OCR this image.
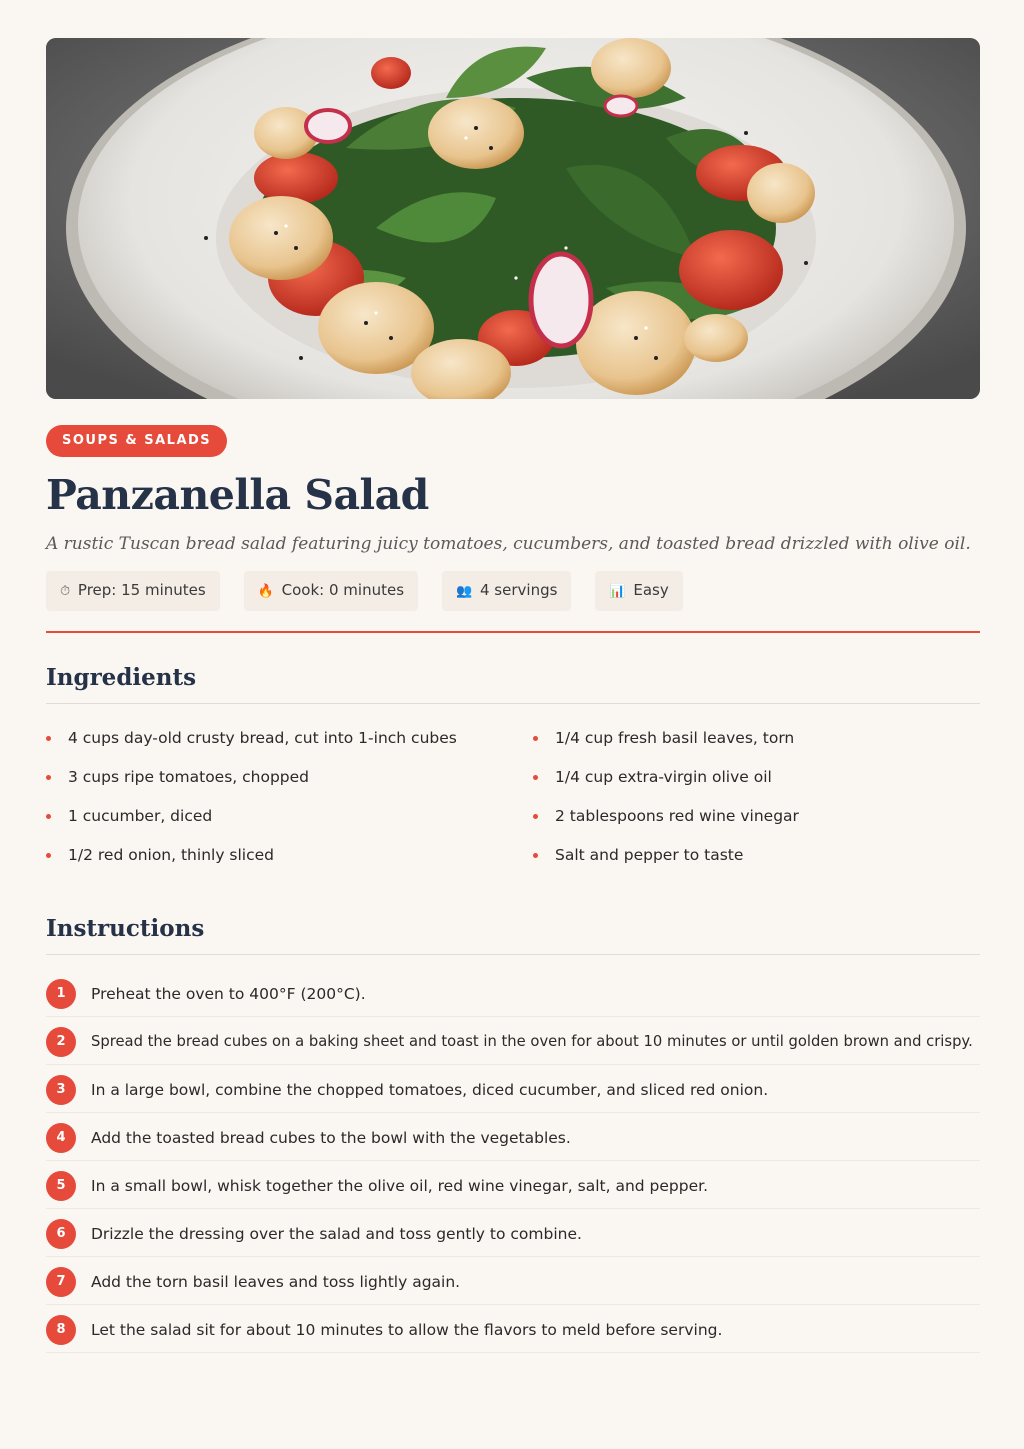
SOUPS & SALADS
Panzanella Salad

A rustic Tuscan bread salad featuring juicy tomatoes, cucumbers, and toasted bread drizzled with olive oil.

⏱ Prep: 15 minutes	🔥 Cook: 0 minutes	👥 4 servings	📊 Easy
Ingredients
4 cups day-old crusty bread, cut into 1-inch cubes
3 cups ripe tomatoes, chopped
1 cucumber, diced
1/2 red onion, thinly sliced
1/4 cup fresh basil leaves, torn
1/4 cup extra-virgin olive oil
2 tablespoons red wine vinegar
Salt and pepper to taste
Instructions
1	Preheat the oven to 400°F (200°C).
2	Spread the bread cubes on a baking sheet and toast in the oven for about 10 minutes or until golden brown and crispy.
3	In a large bowl, combine the chopped tomatoes, diced cucumber, and sliced red onion.
4	Add the toasted bread cubes to the bowl with the vegetables.
5	In a small bowl, whisk together the olive oil, red wine vinegar, salt, and pepper.
6	Drizzle the dressing over the salad and toss gently to combine.
7	Add the torn basil leaves and toss lightly again.
8	Let the salad sit for about 10 minutes to allow the flavors to meld before serving.
